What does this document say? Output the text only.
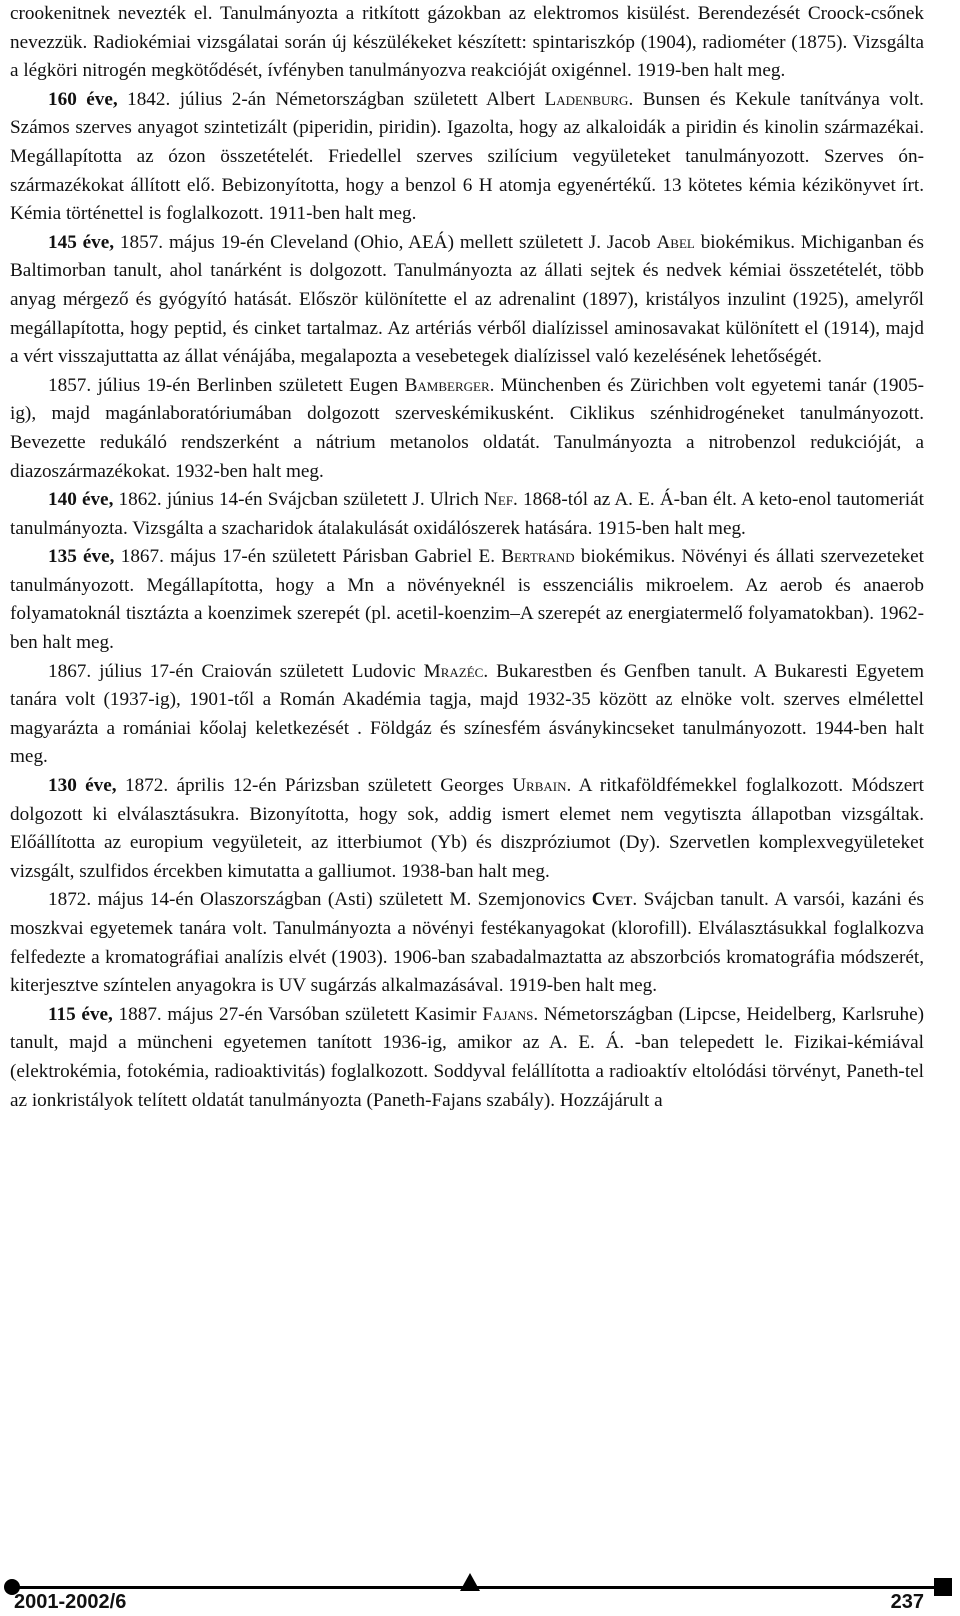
crookenitnek nevezték el. Tanulmányozta a ritkított gázokban az elektromos kisülést. Berendezését Croock-csőnek nevezzük. Radiokémiai vizsgálatai során új készülékeket készített: spintariszkóp (1904), radiométer (1875). Vizsgálta a légköri nitrogén megkötődését, ívfényben tanulmányozva reakcióját oxigénnel. 1919-ben halt meg.

160 éve, 1842. július 2-án Németországban született Albert Ladenburg. Bunsen és Kekule tanítványa volt. Számos szerves anyagot szintetizált (piperidin, piridin). Igazolta, hogy az alkaloidák a piridin és kinolin származékai. Megállapította az ózon összetételét. Friedellel szerves szilícium vegyületeket tanulmányozott. Szerves ón-származékokat állított elő. Bebizonyította, hogy a benzol 6 H atomja egyenértékű. 13 kötetes kémia kézikönyvet írt. Kémia történettel is foglalkozott. 1911-ben halt meg.

145 éve, 1857. május 19-én Cleveland (Ohio, AEÁ) mellett született J. Jacob Abel biokémikus. Michiganban és Baltimorban tanult, ahol tanárként is dolgozott. Tanulmányozta az állati sejtek és nedvek kémiai összetételét, több anyag mérgező és gyógyító hatását. Először különítette el az adrenalint (1897), kristályos inzulint (1925), amelyről megállapította, hogy peptid, és cinket tartalmaz. Az artériás vérből dialízissel aminosavakat különített el (1914), majd a vért visszajuttatta az állat vénájába, megalapozta a vesebetegek dialízissel való kezelésének lehetőségét.

1857. július 19-én Berlinben született Eugen Bamberger. Münchenben és Zürichben volt egyetemi tanár (1905-ig), majd magánlaboratóriumában dolgozott szerveskémikusként. Ciklikus szénhidrogéneket tanulmányozott. Bevezette redukáló rendszerként a nátrium metanolos oldatát. Tanulmányozta a nitrobenzol redukcióját, a diazoszármazékokat. 1932-ben halt meg.

140 éve, 1862. június 14-én Svájcban született J. Ulrich Nef. 1868-tól az A. E. Á-ban élt. A keto-enol tautomeriát tanulmányozta. Vizsgálta a szacharidok átalakulását oxidálószerek hatására. 1915-ben halt meg.

135 éve, 1867. május 17-én született Párisban Gabriel E. Bertrand biokémikus. Növényi és állati szervezeteket tanulmányozott. Megállapította, hogy a Mn a növényeknél is esszenciális mikroelem. Az aerob és anaerob folyamatoknál tisztázta a koenzimek szerepét (pl. acetil-koenzim–A szerepét az energiatermelő folyamatokban). 1962-ben halt meg.

1867. július 17-én Craiován született Ludovic Mrazéc. Bukarestben és Genfben tanult. A Bukaresti Egyetem tanára volt (1937-ig), 1901-től a Román Akadémia tagja, majd 1932-35 között az elnöke volt. szerves elmélettel magyarázta a romániai kőolaj keletkezését . Földgáz és színesfém ásványkincseket tanulmányozott. 1944-ben halt meg.

130 éve, 1872. április 12-én Párizsban született Georges Urbain. A ritkaföldfémekkel foglalkozott. Módszert dolgozott ki elválasztásukra. Bizonyította, hogy sok, addig ismert elemet nem vegytiszta állapotban vizsgáltak. Előállította az europium vegyületeit, az itterbiumot (Yb) és diszpróziumot (Dy). Szervetlen komplexvegyületeket vizsgált, szulfidos ércekben kimutatta a galliumot. 1938-ban halt meg.

1872. május 14-én Olaszországban (Asti) született M. Szemjonovics Cvet. Svájcban tanult. A varsói, kazáni és moszkvai egyetemek tanára volt. Tanulmányozta a növényi festékanyagokat (klorofill). Elválasztásukkal foglalkozva felfedezte a kromatográfiai analízis elvét (1903). 1906-ban szabadalmaztatta az abszorbciós kromatográfia módszerét, kiterjesztve színtelen anyagokra is UV sugárzás alkalmazásával. 1919-ben halt meg.

115 éve, 1887. május 27-én Varsóban született Kasimir Fajans. Németországban (Lipcse, Heidelberg, Karlsruhe) tanult, majd a müncheni egyetemen tanított 1936-ig, amikor az A. E. Á. -ban telepedett le. Fizikai-kémiával (elektrokémia, fotokémia, radioaktivitás) foglalkozott. Soddyval felállította a radioaktív eltolódási törvényt, Paneth-tel az ionkristályok telített oldatát tanulmányozta (Paneth-Fajans szabály). Hozzájárult a

2001-2002/6	237
